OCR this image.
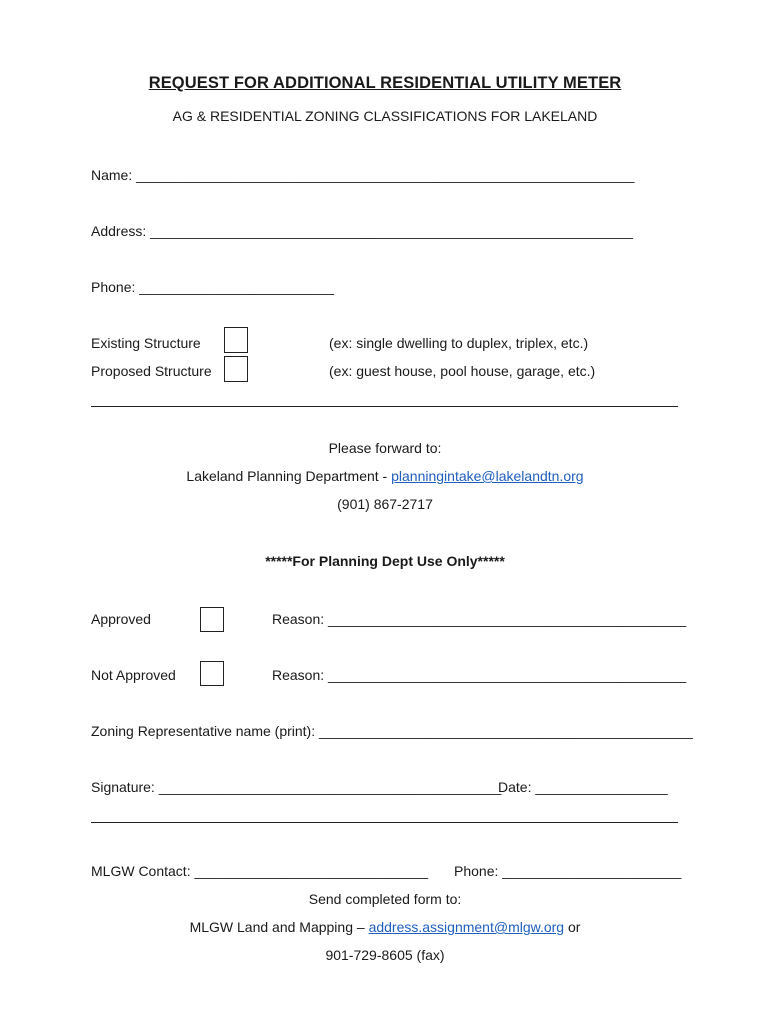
REQUEST FOR ADDITIONAL RESIDENTIAL UTILITY METER
AG & RESIDENTIAL ZONING CLASSIFICATIONS FOR LAKELAND
Name: ________________________________________________________________
Address: ______________________________________________________________
Phone: _________________________
Existing Structure	(ex: single dwelling to duplex, triplex, etc.)
Proposed Structure	(ex: guest house, pool house, garage, etc.)
Please forward to:
Lakeland Planning Department - planningintake@lakelandtn.org
(901) 867-2717
*****For Planning Dept Use Only*****
Approved	Reason: ______________________________________________
Not Approved	Reason: ______________________________________________
Zoning Representative name (print): ________________________________________________
Signature: ____________________________________________
Date: _________________
MLGW Contact: ______________________________ Phone: _______________________
Send completed form to:
MLGW Land and Mapping – address.assignment@mlgw.org or
901-729-8605 (fax)
